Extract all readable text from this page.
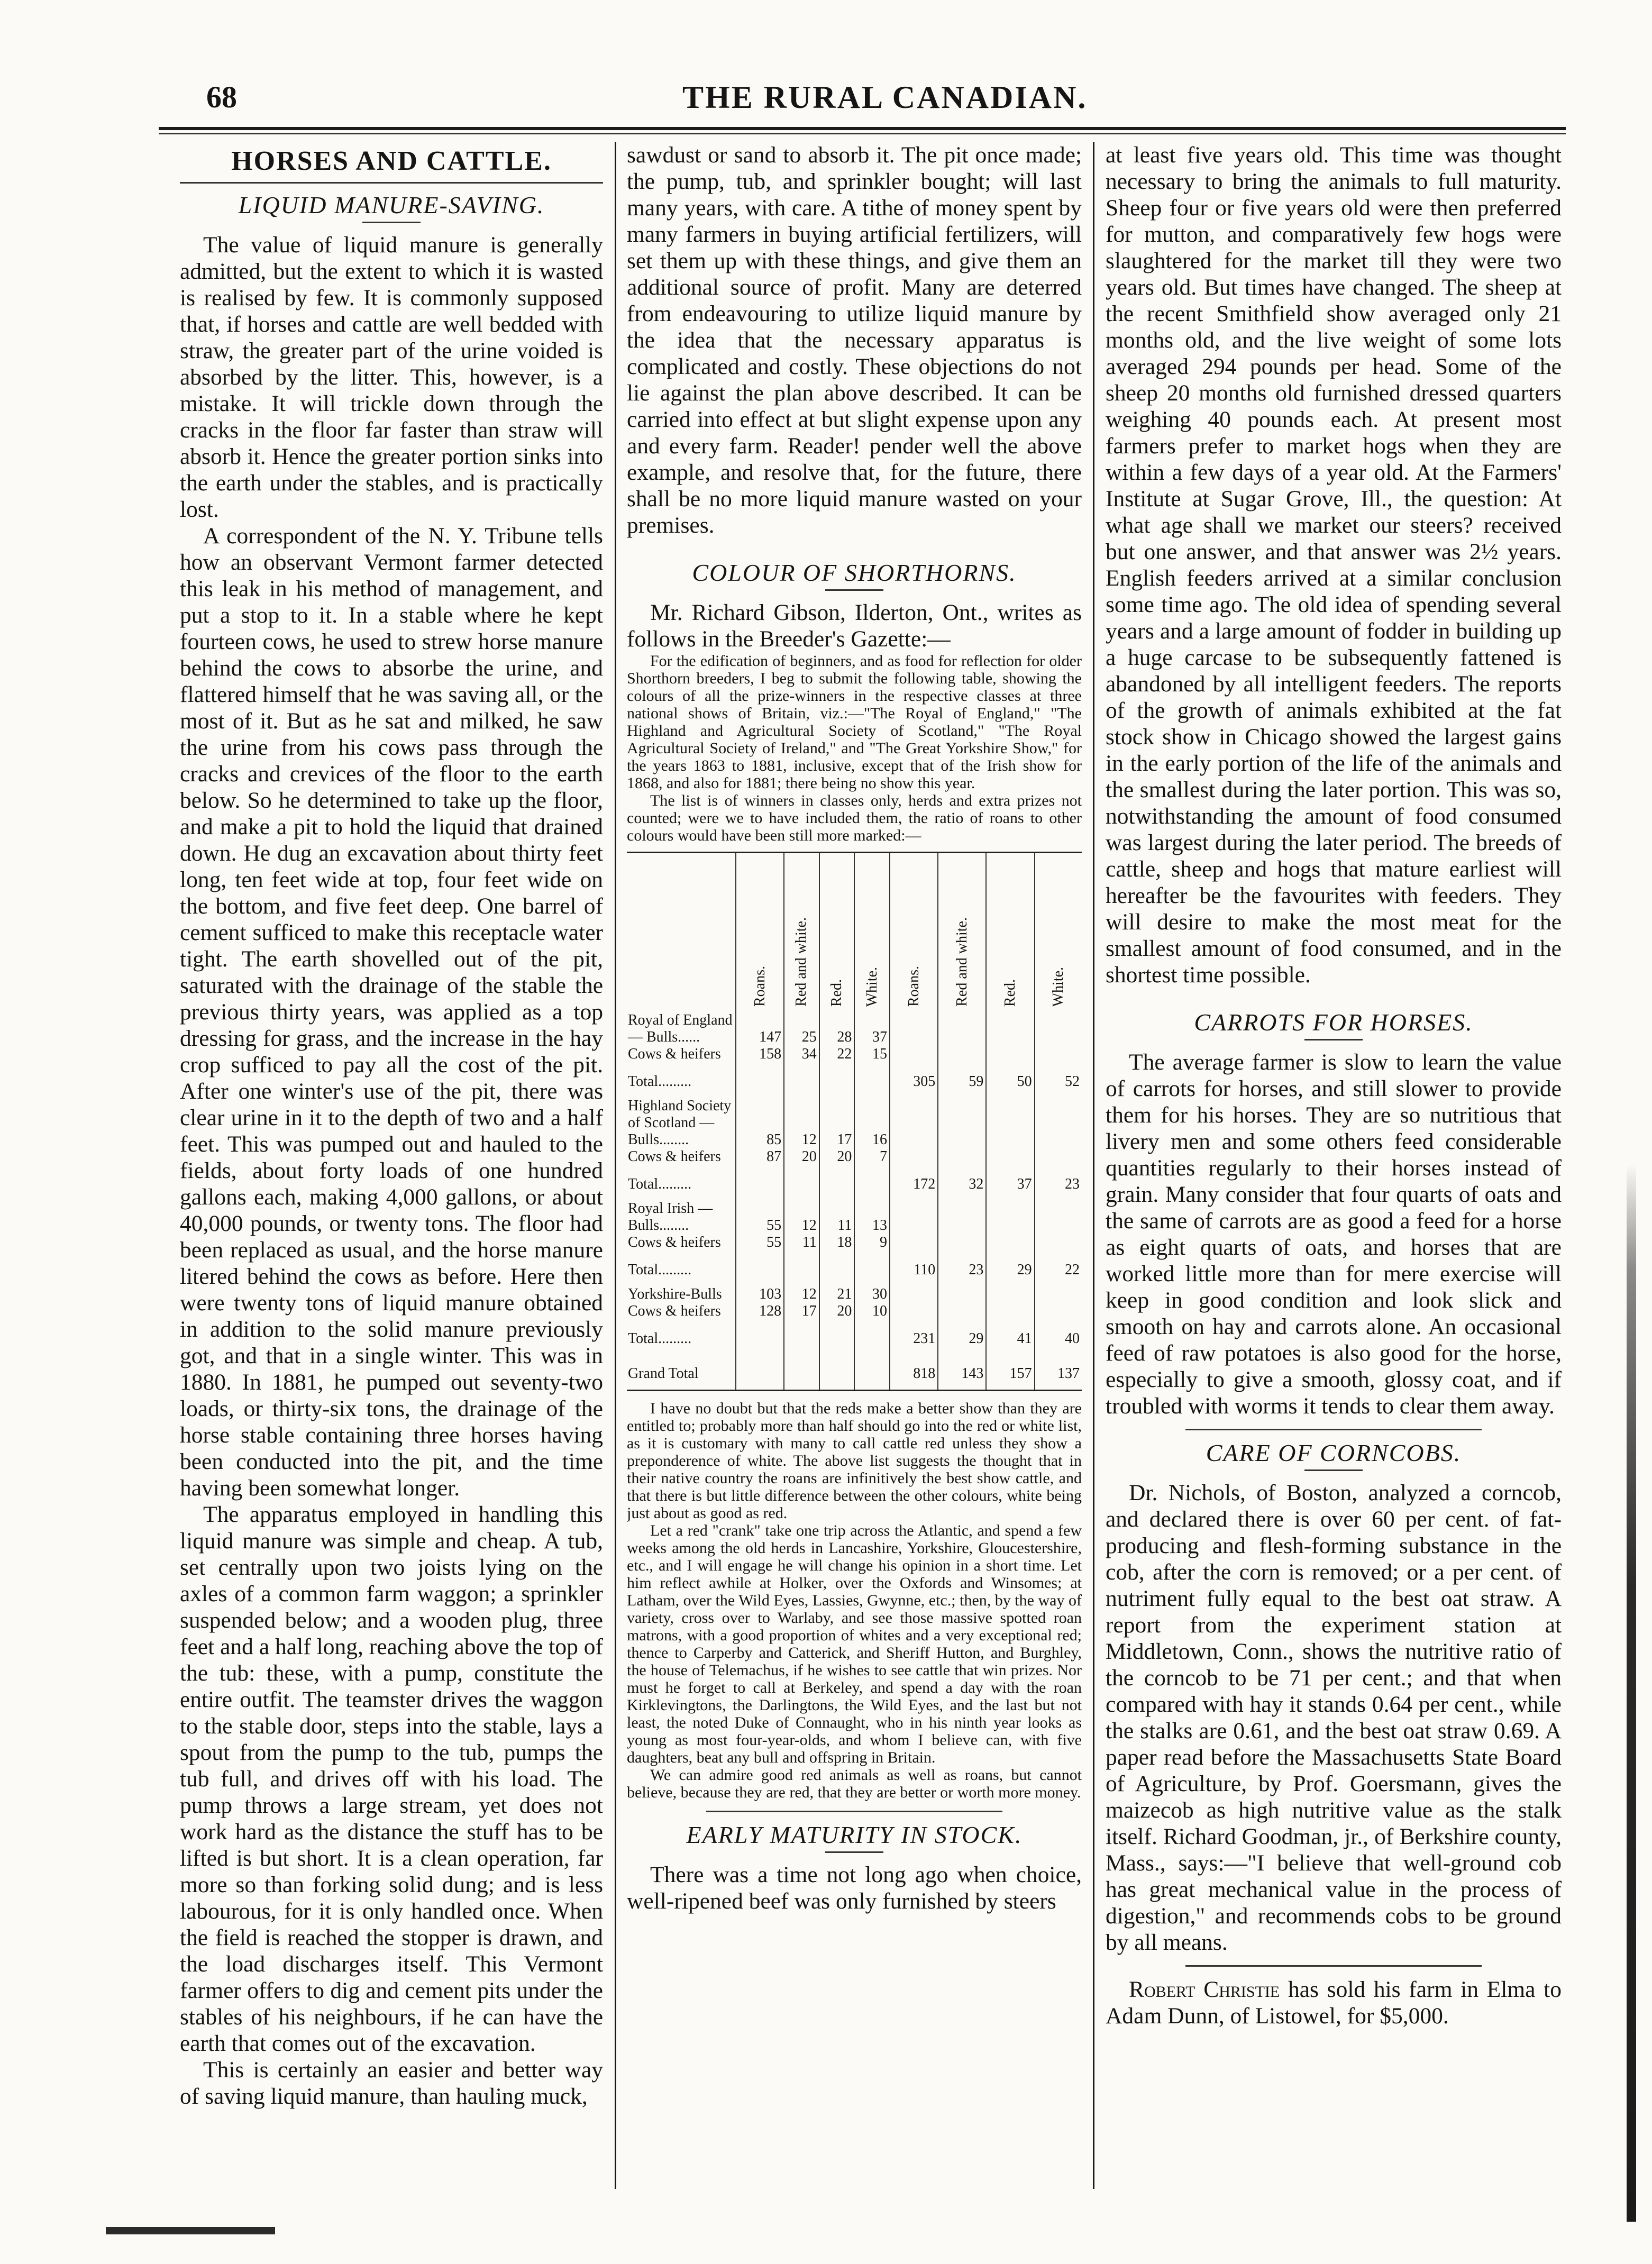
68	THE RURAL CANADIAN.
HORSES AND CATTLE.
LIQUID MANURE-SAVING.

The value of liquid manure is generally admitted, but the extent to which it is wasted is realised by few. It is commonly supposed that, if horses and cattle are well bedded with straw, the greater part of the urine voided is absorbed by the litter. This, however, is a mistake. It will trickle down through the cracks in the floor far faster than straw will absorb it. Hence the greater portion sinks into the earth under the stables, and is practically lost.

A correspondent of the N. Y. Tribune tells how an observant Vermont farmer detected this leak in his method of management, and put a stop to it. In a stable where he kept fourteen cows, he used to strew horse manure behind the cows to absorbe the urine, and flattered himself that he was saving all, or the most of it. But as he sat and milked, he saw the urine from his cows pass through the cracks and crevices of the floor to the earth below. So he determined to take up the floor, and make a pit to hold the liquid that drained down. He dug an excavation about thirty feet long, ten feet wide at top, four feet wide on the bottom, and five feet deep. One barrel of cement sufficed to make this receptacle water tight. The earth shovelled out of the pit, saturated with the drainage of the stable the previous thirty years, was applied as a top dressing for grass, and the increase in the hay crop sufficed to pay all the cost of the pit. After one winter's use of the pit, there was clear urine in it to the depth of two and a half feet. This was pumped out and hauled to the fields, about forty loads of one hundred gallons each, making 4,000 gallons, or about 40,000 pounds, or twenty tons. The floor had been replaced as usual, and the horse manure litered behind the cows as before. Here then were twenty tons of liquid manure obtained in addition to the solid manure previously got, and that in a single winter. This was in 1880. In 1881, he pumped out seventy-two loads, or thirty-six tons, the drainage of the horse stable containing three horses having been conducted into the pit, and the time having been somewhat longer.

The apparatus employed in handling this liquid manure was simple and cheap. A tub, set centrally upon two joists lying on the axles of a common farm waggon; a sprinkler suspended below; and a wooden plug, three feet and a half long, reaching above the top of the tub: these, with a pump, constitute the entire outfit. The teamster drives the waggon to the stable door, steps into the stable, lays a spout from the pump to the tub, pumps the tub full, and drives off with his load. The pump throws a large stream, yet does not work hard as the distance the stuff has to be lifted is but short. It is a clean operation, far more so than forking solid dung; and is less labourous, for it is only handled once. When the field is reached the stopper is drawn, and the load discharges itself. This Vermont farmer offers to dig and cement pits under the stables of his neighbours, if he can have the earth that comes out of the excavation.

This is certainly an easier and better way of saving liquid manure, than hauling muck,

sawdust or sand to absorb it. The pit once made; the pump, tub, and sprinkler bought; will last many years, with care. A tithe of money spent by many farmers in buying artificial fertilizers, will set them up with these things, and give them an additional source of profit. Many are deterred from endeavouring to utilize liquid manure by the idea that the necessary apparatus is complicated and costly. These objections do not lie against the plan above described. It can be carried into effect at but slight expense upon any and every farm. Reader! pender well the above example, and resolve that, for the future, there shall be no more liquid manure wasted on your premises.

COLOUR OF SHORTHORNS.

Mr. Richard Gibson, Ilderton, Ont., writes as follows in the Breeder's Gazette:—

For the edification of beginners, and as food for reflection for older Shorthorn breeders, I beg to submit the following table, showing the colours of all the prize-winners in the respective classes at three national shows of Britain, viz.:—"The Royal of England," "The Highland and Agricultural Society of Scotland," "The Royal Agricultural Society of Ireland," and "The Great Yorkshire Show," for the years 1863 to 1881, inclusive, except that of the Irish show for 1868, and also for 1881; there being no show this year.

The list is of winners in classes only, herds and extra prizes not counted; were we to have included them, the ratio of roans to other colours would have been still more marked:—

	Roans.	Red and white.	Red.	White.	Roans.	Red and white.	Red.	White.

Royal of England — Bulls......	147	25	28	37				
Cows & heifers	158	34	22	15				
Total.........					305	59	50	52
Highland Society of Scotland — Bulls........	85	12	17	16				
Cows & heifers	87	20	20	7				
Total.........					172	32	37	23
Royal Irish — Bulls........	55	12	11	13				
Cows & heifers	55	11	18	9				
Total.........					110	23	29	22
Yorkshire-Bulls	103	12	21	30				
Cows & heifers	128	17	20	10				
Total.........					231	29	41	40
Grand Total					818	143	157	137

I have no doubt but that the reds make a better show than they are entitled to; probably more than half should go into the red or white list, as it is customary with many to call cattle red unless they show a preponderence of white. The above list suggests the thought that in their native country the roans are infinitively the best show cattle, and that there is but little difference between the other colours, white being just about as good as red.

Let a red "crank" take one trip across the Atlantic, and spend a few weeks among the old herds in Lancashire, Yorkshire, Gloucestershire, etc., and I will engage he will change his opinion in a short time. Let him reflect awhile at Holker, over the Oxfords and Winsomes; at Latham, over the Wild Eyes, Lassies, Gwynne, etc.; then, by the way of variety, cross over to Warlaby, and see those massive spotted roan matrons, with a good proportion of whites and a very exceptional red; thence to Carperby and Catterick, and Sheriff Hutton, and Burghley, the house of Telemachus, if he wishes to see cattle that win prizes. Nor must he forget to call at Berkeley, and spend a day with the roan Kirklevingtons, the Darlingtons, the Wild Eyes, and the last but not least, the noted Duke of Connaught, who in his ninth year looks as young as most four-year-olds, and whom I believe can, with five daughters, beat any bull and offspring in Britain.

We can admire good red animals as well as roans, but cannot believe, because they are red, that they are better or worth more money.

EARLY MATURITY IN STOCK.

There was a time not long ago when choice, well-ripened beef was only furnished by steers

at least five years old. This time was thought necessary to bring the animals to full maturity. Sheep four or five years old were then preferred for mutton, and comparatively few hogs were slaughtered for the market till they were two years old. But times have changed. The sheep at the recent Smithfield show averaged only 21 months old, and the live weight of some lots averaged 294 pounds per head. Some of the sheep 20 months old furnished dressed quarters weighing 40 pounds each. At present most farmers prefer to market hogs when they are within a few days of a year old. At the Farmers' Institute at Sugar Grove, Ill., the question: At what age shall we market our steers? received but one answer, and that answer was 2½ years. English feeders arrived at a similar conclusion some time ago. The old idea of spending several years and a large amount of fodder in building up a huge carcase to be subsequently fattened is abandoned by all intelligent feeders. The reports of the growth of animals exhibited at the fat stock show in Chicago showed the largest gains in the early portion of the life of the animals and the smallest during the later portion. This was so, notwithstanding the amount of food consumed was largest during the later period. The breeds of cattle, sheep and hogs that mature earliest will hereafter be the favourites with feeders. They will desire to make the most meat for the smallest amount of food consumed, and in the shortest time possible.

CARROTS FOR HORSES.

The average farmer is slow to learn the value of carrots for horses, and still slower to provide them for his horses. They are so nutritious that livery men and some others feed considerable quantities regularly to their horses instead of grain. Many consider that four quarts of oats and the same of carrots are as good a feed for a horse as eight quarts of oats, and horses that are worked little more than for mere exercise will keep in good condition and look slick and smooth on hay and carrots alone. An occasional feed of raw potatoes is also good for the horse, especially to give a smooth, glossy coat, and if troubled with worms it tends to clear them away.

CARE OF CORNCOBS.

Dr. Nichols, of Boston, analyzed a corncob, and declared there is over 60 per cent. of fat-producing and flesh-forming substance in the cob, after the corn is removed; or a per cent. of nutriment fully equal to the best oat straw. A report from the experiment station at Middletown, Conn., shows the nutritive ratio of the corncob to be 71 per cent.; and that when compared with hay it stands 0.64 per cent., while the stalks are 0.61, and the best oat straw 0.69. A paper read before the Massachusetts State Board of Agriculture, by Prof. Goersmann, gives the maizecob as high nutritive value as the stalk itself. Richard Goodman, jr., of Berkshire county, Mass., says:—"I believe that well-ground cob has great mechanical value in the process of digestion," and recommends cobs to be ground by all means.

Robert Christie has sold his farm in Elma to Adam Dunn, of Listowel, for $5,000.
